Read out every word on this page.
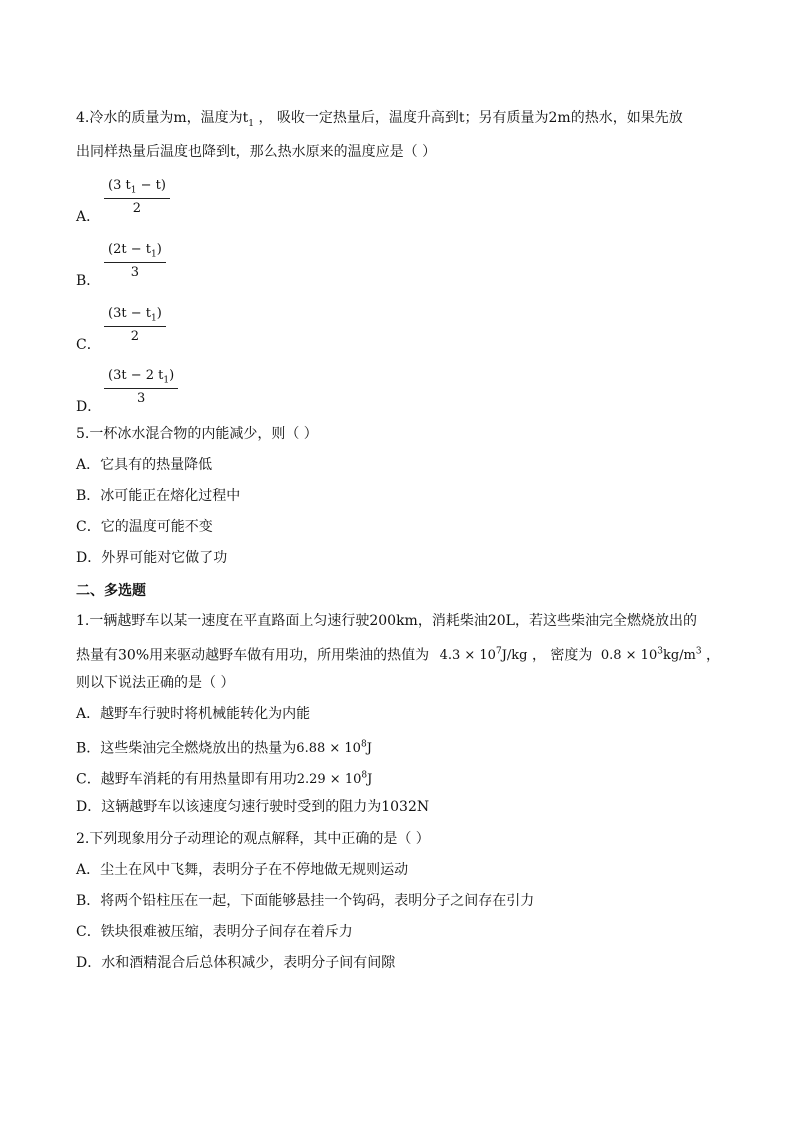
4.冷水的质量为m，温度为$t_1$ ， 吸收一定热量后，温度升高到t；另有质量为2m的热水，如果先放
出同样热量后温度也降到t，那么热水原来的温度应是（ ）
$\frac{(3 t_1 - t)}{2}$
A．
$\frac{(2t - t_1)}{3}$
B．
$\frac{(3t - t_1)}{2}$
C．
$\frac{(3t - 2 t_1)}{3}$
D．
5.一杯冰水混合物的内能减少，则（ ）
A．它具有的热量降低
B．冰可能正在熔化过程中
C．它的温度可能不变
D．外界可能对它做了功
二、多选题
1.一辆越野车以某一速度在平直路面上匀速行驶200km，消耗柴油20L，若这些柴油完全燃烧放出的
热量有30%用来驱动越野车做有用功，所用柴油的热值为 $4.3 \times 10^7J/kg$ ， 密度为 $0.8 \times 10^3kg/m^3$ ，
则以下说法正确的是（ ）
A．越野车行驶时将机械能转化为内能
B．这些柴油完全燃烧放出的热量为$6.88 \times 10^8J$
C．越野车消耗的有用热量即有用功$2.29 \times 10^8J$
D．这辆越野车以该速度匀速行驶时受到的阻力为1032N
2.下列现象用分子动理论的观点解释，其中正确的是（ ）
A．尘土在风中飞舞，表明分子在不停地做无规则运动
B．将两个铅柱压在一起，下面能够悬挂一个钩码，表明分子之间存在引力
C．铁块很难被压缩，表明分子间存在着斥力
D．水和酒精混合后总体积减少，表明分子间有间隙
